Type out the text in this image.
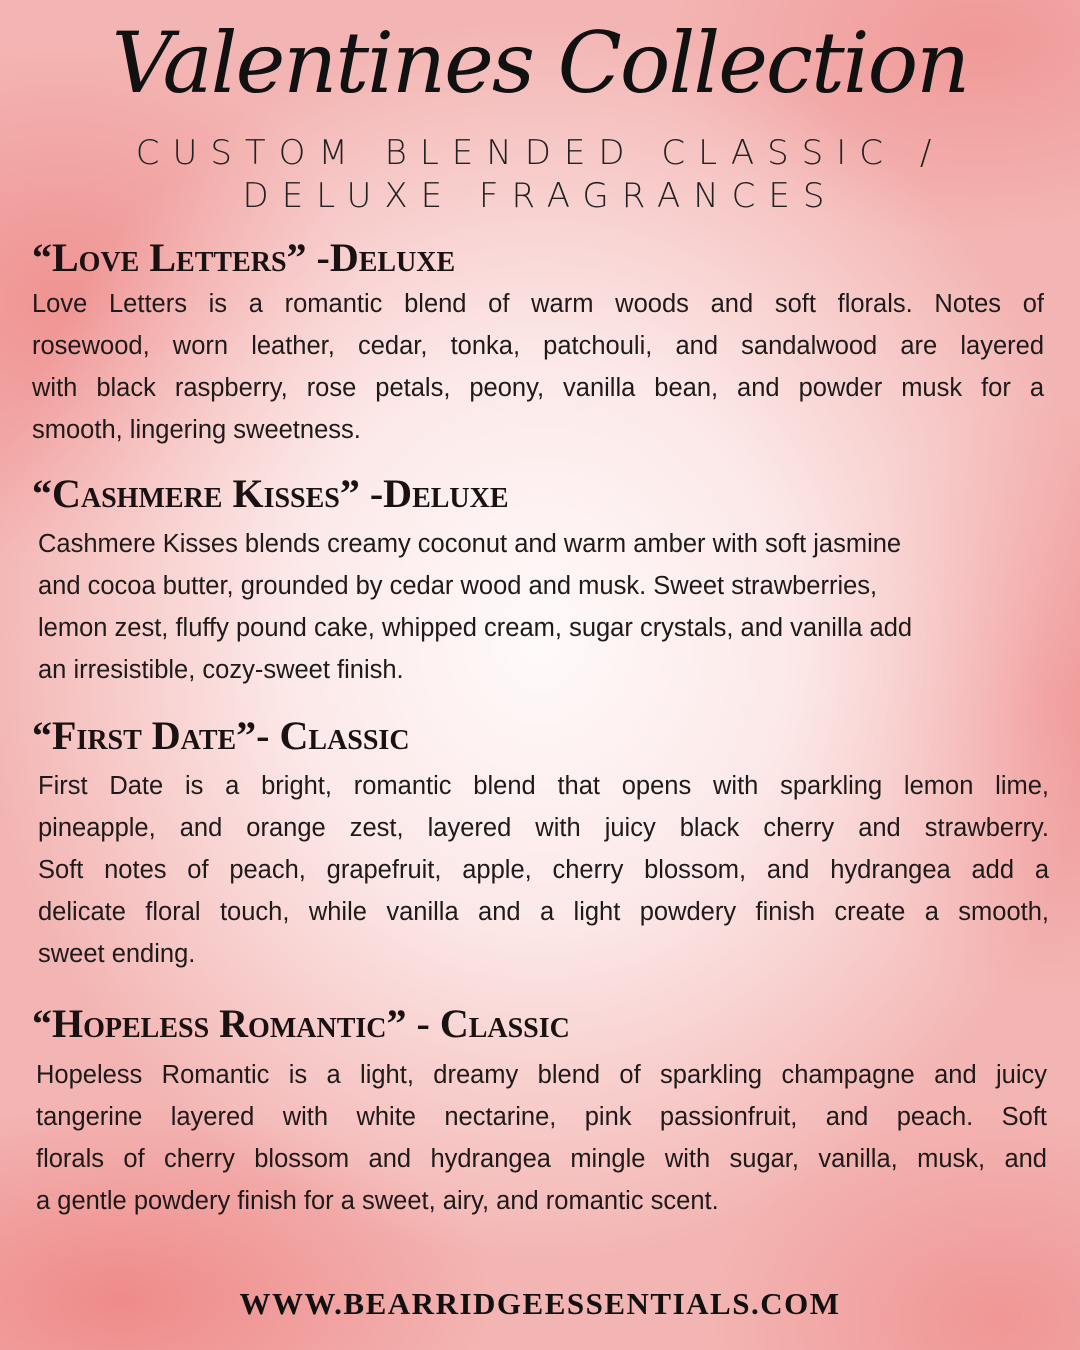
Valentines Collection
CUSTOM BLENDED CLASSIC /
DELUXE FRAGRANCES
“Love Letters” -Deluxe
Love Letters is a romantic blend of warm woods and soft florals. Notes of
rosewood, worn leather, cedar, tonka, patchouli, and sandalwood are layered
with black raspberry, rose petals, peony, vanilla bean, and powder musk for a
smooth, lingering sweetness.
“Cashmere Kisses” -Deluxe
Cashmere Kisses blends creamy coconut and warm amber with soft jasmine
and cocoa butter, grounded by cedar wood and musk. Sweet strawberries,
lemon zest, fluffy pound cake, whipped cream, sugar crystals, and vanilla add
an irresistible, cozy-sweet finish.
“First Date”- Classic
First Date is a bright, romantic blend that opens with sparkling lemon lime,
pineapple, and orange zest, layered with juicy black cherry and strawberry.
Soft notes of peach, grapefruit, apple, cherry blossom, and hydrangea add a
delicate floral touch, while vanilla and a light powdery finish create a smooth,
sweet ending.
“Hopeless Romantic” - Classic
Hopeless Romantic is a light, dreamy blend of sparkling champagne and juicy
tangerine layered with white nectarine, pink passionfruit, and peach. Soft
florals of cherry blossom and hydrangea mingle with sugar, vanilla, musk, and
a gentle powdery finish for a sweet, airy, and romantic scent.
WWW.BEARRIDGEESSENTIALS.COM
